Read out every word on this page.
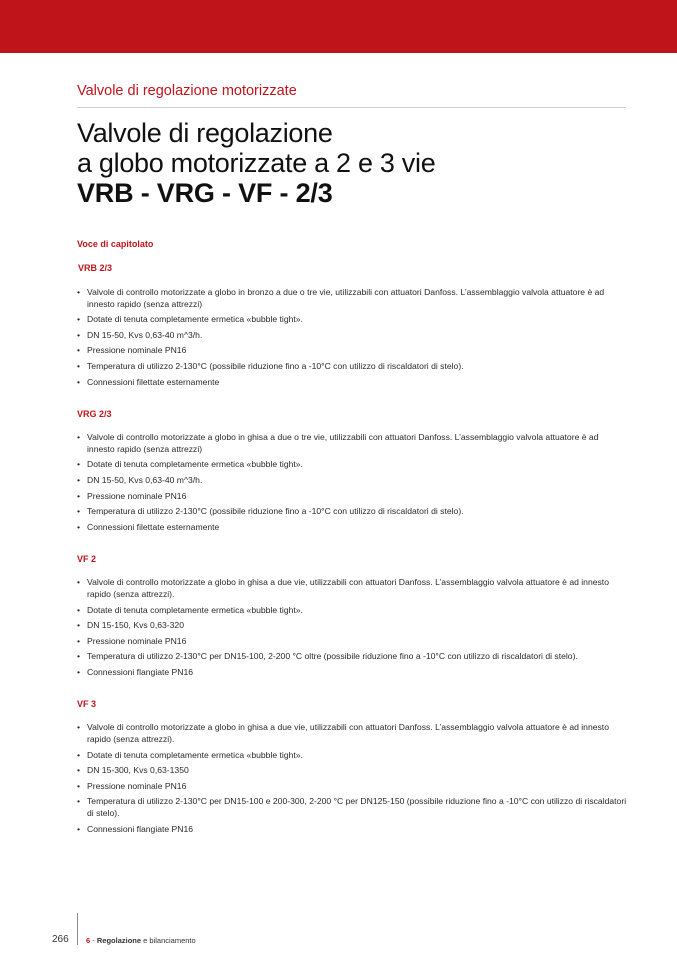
Valvole di regolazione motorizzate
Valvole di regolazione
a globo motorizzate a 2 e 3 vie
VRB - VRG - VF - 2/3
Voce di capitolato
VRB 2/3
• Valvole di controllo motorizzate a globo in bronzo a due o tre vie, utilizzabili con attuatori Danfoss. L’assemblaggio valvola attuatore è ad innesto rapido (senza attrezzi)
• Dotate di tenuta completamente ermetica «bubble tight».
• DN 15-50, Kvs 0,63-40 m^3/h.
• Pressione nominale PN16
• Temperatura di utilizzo 2-130°C (possibile riduzione fino a -10°C con utilizzo di riscaldatori di stelo).
• Connessioni filettate esternamente
VRG 2/3
• Valvole di controllo motorizzate a globo in ghisa a due o tre vie, utilizzabili con attuatori Danfoss. L’assemblaggio valvola attuatore è ad innesto rapido (senza attrezzi)
• Dotate di tenuta completamente ermetica «bubble tight».
• DN 15-50, Kvs 0,63-40 m^3/h.
• Pressione nominale PN16
• Temperatura di utilizzo 2-130°C (possibile riduzione fino a -10°C con utilizzo di riscaldatori di stelo).
• Connessioni filettate esternamente
VF 2
• Valvole di controllo motorizzate a globo in ghisa a due vie, utilizzabili con attuatori Danfoss. L’assemblaggio valvola attuatore è ad innesto rapido (senza attrezzi).
• Dotate di tenuta completamente ermetica «bubble tight».
• DN 15-150, Kvs 0,63-320
• Pressione nominale PN16
• Temperatura di utilizzo 2-130°C per DN15-100, 2-200 °C oltre (possibile riduzione fino a -10°C con utilizzo di riscaldatori di stelo).
• Connessioni flangiate PN16
VF 3
• Valvole di controllo motorizzate a globo in ghisa a due vie, utilizzabili con attuatori Danfoss. L’assemblaggio valvola attuatore è ad innesto rapido (senza attrezzi).
• Dotate di tenuta completamente ermetica «bubble tight».
• DN 15-300, Kvs 0,63-1350
• Pressione nominale PN16
• Temperatura di utilizzo 2-130°C per DN15-100 e 200-300, 2-200 °C per DN125-150 (possibile riduzione fino a -10°C con utilizzo di riscaldatori di stelo).
• Connessioni flangiate PN16
266 6 - Regolazione e bilanciamento
